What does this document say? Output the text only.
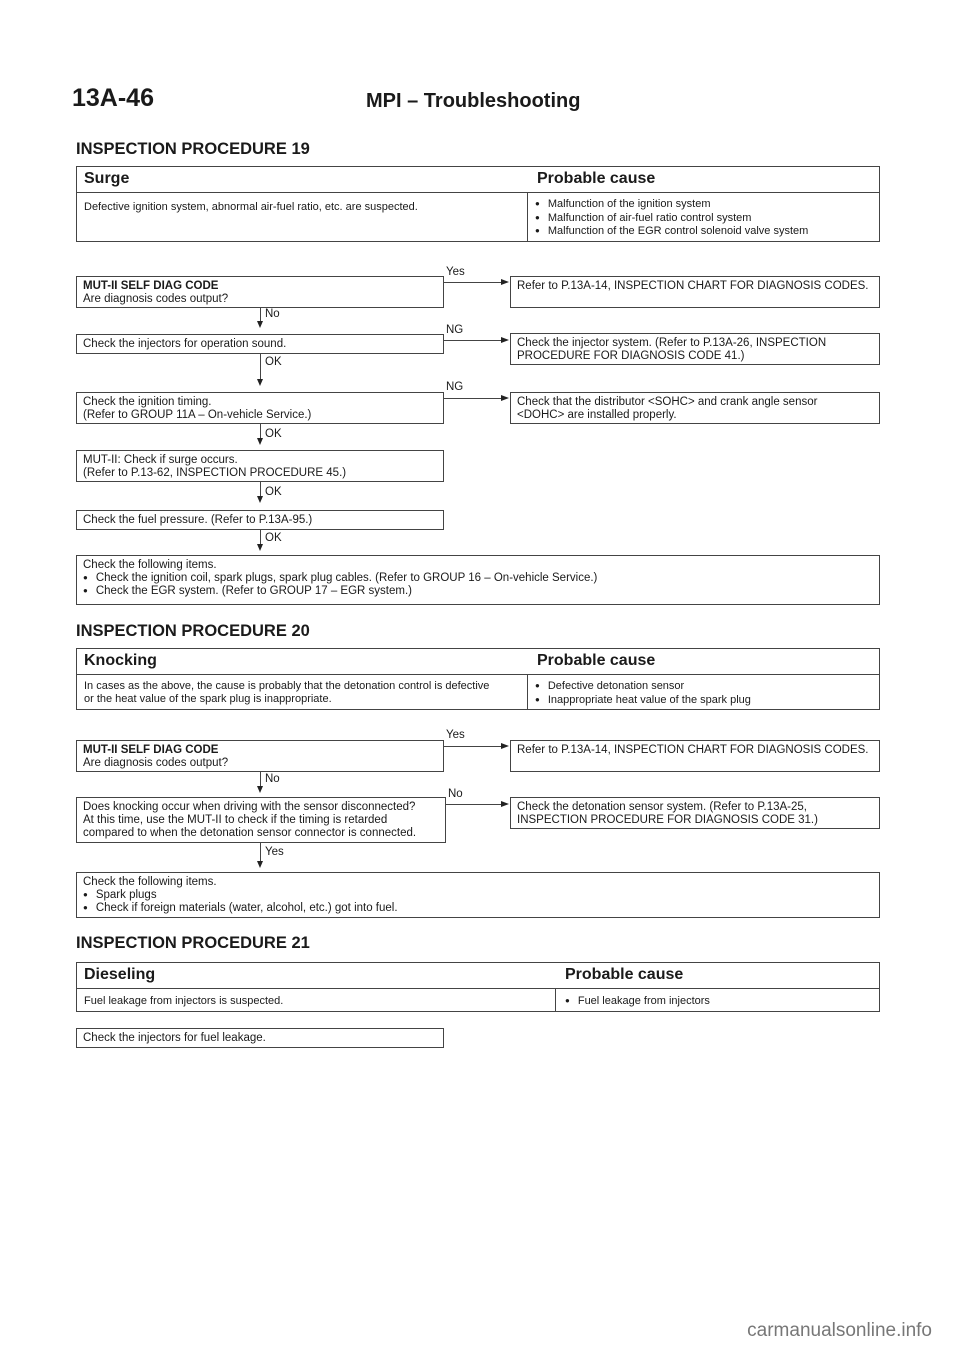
13A-46	MPI – Troubleshooting
INSPECTION PROCEDURE 19
Surge	Probable cause
Defective ignition system, abnormal air-fuel ratio, etc. are suspected.	● Malfunction of the ignition system
● Malfunction of air-fuel ratio control system
● Malfunction of the EGR control solenoid valve system
MUT-II SELF DIAG CODE
Are diagnosis codes output?
Yes
Refer to P.13A-14, INSPECTION CHART FOR DIAGNOSIS CODES.
No
Check the injectors for operation sound.
NG
Check the injector system. (Refer to P.13A-26, INSPECTION PROCEDURE FOR DIAGNOSIS CODE 41.)
OK
Check the ignition timing.
(Refer to GROUP 11A – On-vehicle Service.)
NG
Check that the distributor <SOHC> and crank angle sensor
<DOHC> are installed properly.
OK
MUT-II: Check if surge occurs.
(Refer to P.13-62, INSPECTION PROCEDURE 45.)
OK
Check the fuel pressure. (Refer to P.13A-95.)
OK
Check the following items.
● Check the ignition coil, spark plugs, spark plug cables. (Refer to GROUP 16 – On-vehicle Service.)
● Check the EGR system. (Refer to GROUP 17 – EGR system.)
INSPECTION PROCEDURE 20
Knocking	Probable cause
In cases as the above, the cause is probably that the detonation control is defective
or the heat value of the spark plug is inappropriate.
● Defective detonation sensor
● Inappropriate heat value of the spark plug
MUT-II SELF DIAG CODE
Are diagnosis codes output?
Yes
Refer to P.13A-14, INSPECTION CHART FOR DIAGNOSIS CODES.
No
Does knocking occur when driving with the sensor disconnected?
At this time, use the MUT-II to check if the timing is retarded
compared to when the detonation sensor connector is connected.
No
Check the detonation sensor system. (Refer to P.13A-25, INSPECTION PROCEDURE FOR DIAGNOSIS CODE 31.)
Yes
Check the following items.
● Spark plugs
● Check if foreign materials (water, alcohol, etc.) got into fuel.
INSPECTION PROCEDURE 21
Dieseling	Probable cause
Fuel leakage from injectors is suspected.	● Fuel leakage from injectors
Check the injectors for fuel leakage.
carmanualsonline.info
